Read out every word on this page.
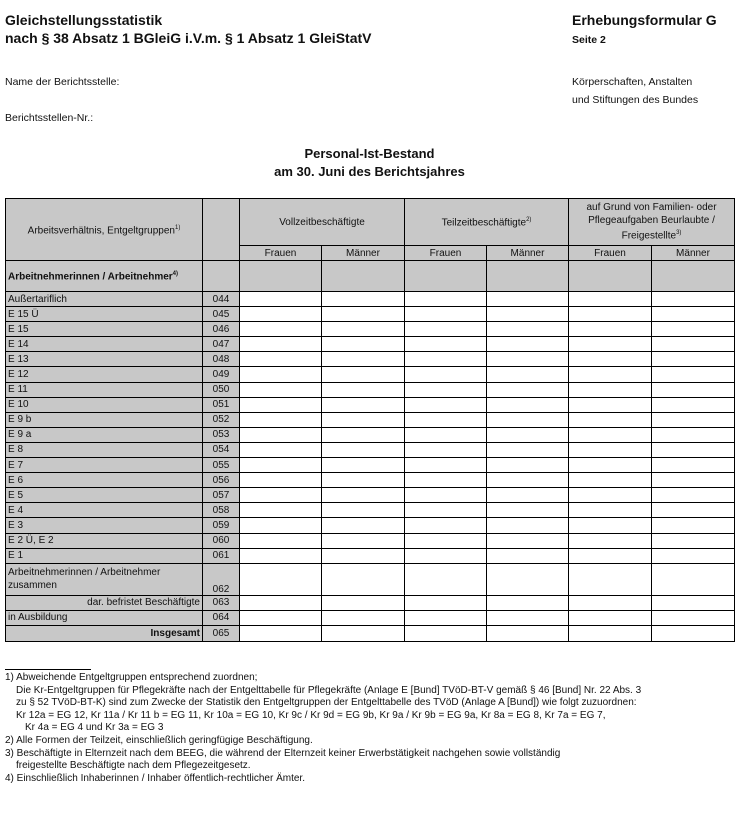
Gleichstellungsstatistik
nach § 38 Absatz 1 BGleiG i.V.m. § 1 Absatz 1 GleiStatV
Erhebungsformular G
Seite 2
Name der Berichtsstelle:
Berichtsstellen-Nr.:
Körperschaften, Anstalten
und Stiftungen des Bundes
Personal-Ist-Bestand
am 30. Juni des Berichtsjahres
Arbeitsverhältnis, Entgeltgruppen$^{1)}$		Vollzeitbeschäftigte		Teilzeitbeschäftigte$^{2)}$		auf Grund von Familien- oder Pflegeaufgaben Beurlaubte / Freigestellte$^{3)}$
		Frauen	Männer	Frauen	Männer	Frauen	Männer
Arbeitnehmerinnen / Arbeitnehmer$^{4)}$							
Außertariflich	044						
E 15 Ü	045						
E 15	046						
E 14	047						
E 13	048						
E 12	049						
E 11	050						
E 10	051						
E 9 b	052						
E 9 a	053						
E 8	054						
E 7	055						
E 6	056						
E 5	057						
E 4	058						
E 3	059						
E 2 Ü, E 2	060						
E 1	061						
Arbeitnehmerinnen / Arbeitnehmer zusammen	062						
dar. befristet Beschäftigte	063						
in Ausbildung	064						
Insgesamt	065						
1) Abweichende Entgeltgruppen entsprechend zuordnen;
Die Kr-Entgeltgruppen für Pflegekräfte nach der Entgelttabelle für Pflegekräfte (Anlage E [Bund] TVöD-BT-V gemäß § 46 [Bund] Nr. 22 Abs. 3
zu § 52 TVöD-BT-K) sind zum Zwecke der Statistik den Entgeltgruppen der Entgelttabelle des TVöD (Anlage A [Bund]) wie folgt zuzuordnen:
Kr 12a = EG 12, Kr 11a / Kr 11 b = EG 11, Kr 10a = EG 10, Kr 9c / Kr 9d = EG 9b, Kr 9a / Kr 9b = EG 9a, Kr 8a = EG 8, Kr 7a = EG 7,
Kr 4a = EG 4 und Kr 3a = EG 3
2) Alle Formen der Teilzeit, einschließlich geringfügige Beschäftigung.
3) Beschäftigte in Elternzeit nach dem BEEG, die während der Elternzeit keiner Erwerbstätigkeit nachgehen sowie vollständig
freigestellte Beschäftigte nach dem Pflegezeitgesetz.
4) Einschließlich Inhaberinnen / Inhaber öffentlich-rechtlicher Ämter.
